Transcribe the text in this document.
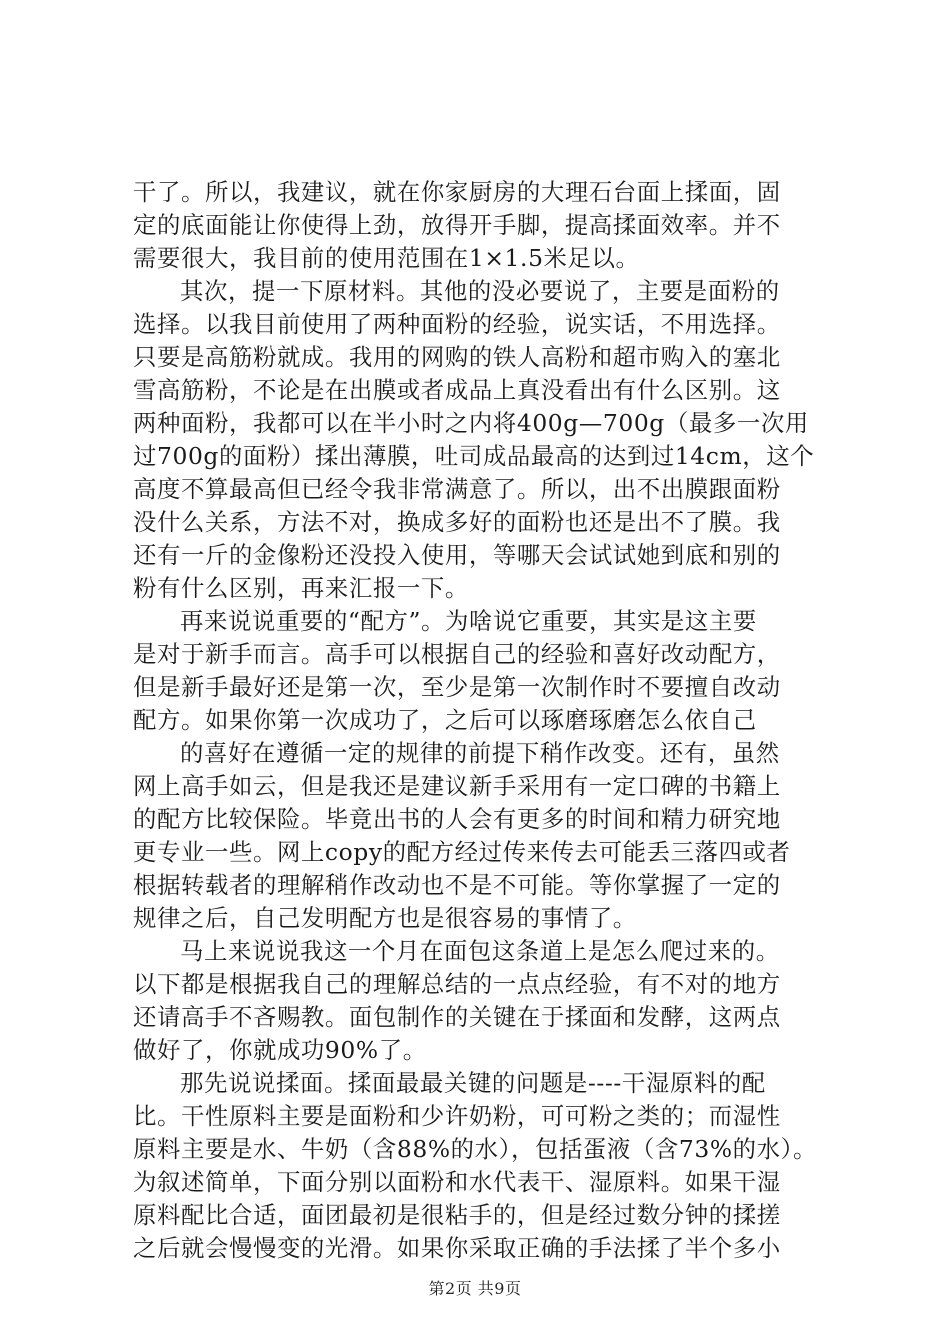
干了。所以，我建议，就在你家厨房的大理石台面上揉面，固
定的底面能让你使得上劲，放得开手脚，提高揉面效率。并不
需要很大，我目前的使用范围在1×1.5米足以。
其次，提一下原材料。其他的没必要说了，主要是面粉的
选择。以我目前使用了两种面粉的经验，说实话，不用选择。
只要是高筋粉就成。我用的网购的铁人高粉和超市购入的塞北
雪高筋粉，不论是在出膜或者成品上真没看出有什么区别。这
两种面粉，我都可以在半小时之内将400g—700g（最多一次用
过700g的面粉）揉出薄膜，吐司成品最高的达到过14cm，这个
高度不算最高但已经令我非常满意了。所以，出不出膜跟面粉
没什么关系，方法不对，换成多好的面粉也还是出不了膜。我
还有一斤的金像粉还没投入使用，等哪天会试试她到底和别的
粉有什么区别，再来汇报一下。
再来说说重要的“配方”。为啥说它重要，其实是这主要
是对于新手而言。高手可以根据自己的经验和喜好改动配方，
但是新手最好还是第一次，至少是第一次制作时不要擅自改动
配方。如果你第一次成功了，之后可以琢磨琢磨怎么依自己
的喜好在遵循一定的规律的前提下稍作改变。还有，虽然
网上高手如云，但是我还是建议新手采用有一定口碑的书籍上
的配方比较保险。毕竟出书的人会有更多的时间和精力研究地
更专业一些。网上copy的配方经过传来传去可能丢三落四或者
根据转载者的理解稍作改动也不是不可能。等你掌握了一定的
规律之后，自己发明配方也是很容易的事情了。
马上来说说我这一个月在面包这条道上是怎么爬过来的。
以下都是根据我自己的理解总结的一点点经验，有不对的地方
还请高手不吝赐教。面包制作的关键在于揉面和发酵，这两点
做好了，你就成功90%了。
那先说说揉面。揉面最最关键的问题是----干湿原料的配
比。干性原料主要是面粉和少许奶粉，可可粉之类的；而湿性
原料主要是水、牛奶（含88%的水），包括蛋液（含73%的水）。
为叙述简单，下面分别以面粉和水代表干、湿原料。如果干湿
原料配比合适，面团最初是很粘手的，但是经过数分钟的揉搓
之后就会慢慢变的光滑。如果你采取正确的手法揉了半个多小
第2页 共9页
